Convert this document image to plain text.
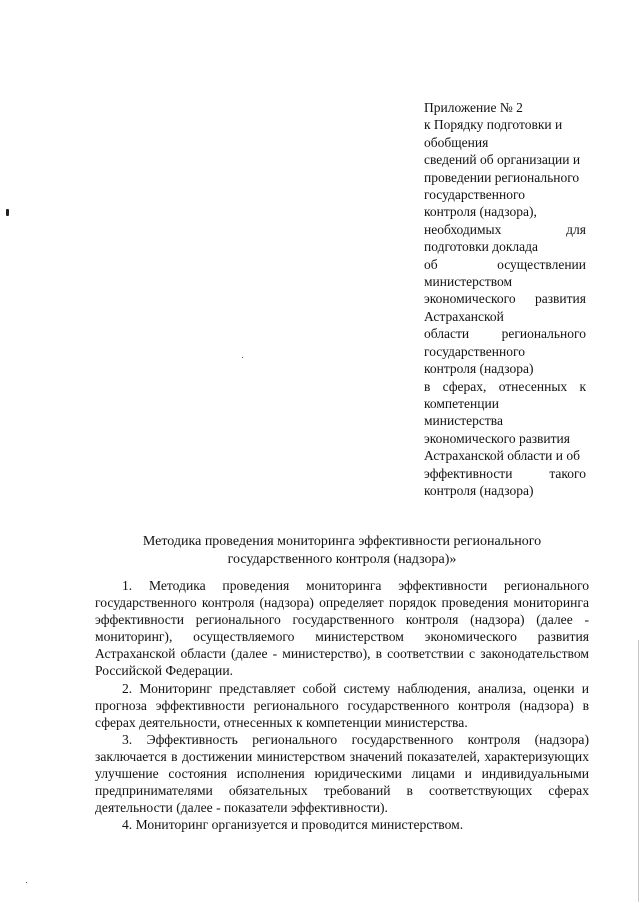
Приложение № 2
к Порядку подготовки и
обобщения
сведений об организации и
проведении регионального
государственного
контроля (надзора),
необходимых	для
подготовки доклада
об	осуществлении
министерством
экономического развития
Астраханской
области регионального
государственного
контроля (надзора)
в сферах, отнесенных к
компетенции
министерства
экономического развития
Астраханской области и об
эффективности	такого
контроля (надзора)
Методика проведения мониторинга эффективности регионального
государственного контроля (надзора)»

1. Методика проведения мониторинга эффективности регионального государственного контроля (надзора) определяет порядок проведения мониторинга эффективности регионального государственного контроля (надзора) (далее - мониторинг), осуществляемого министерством экономического развития Астраханской области (далее - министерство), в соответствии с законодательством Российской Федерации.

2. Мониторинг представляет собой систему наблюдения, анализа, оценки и прогноза эффективности регионального государственного контроля (надзора) в сферах деятельности, отнесенных к компетенции министерства.

3. Эффективность регионального государственного контроля (надзора) заключается в достижении министерством значений показателей, характеризующих улучшение состояния исполнения юридическими лицами и индивидуальными предпринимателями обязательных требований в соответствующих сферах деятельности (далее - показатели эффективности).

4. Мониторинг организуется и проводится министерством.
